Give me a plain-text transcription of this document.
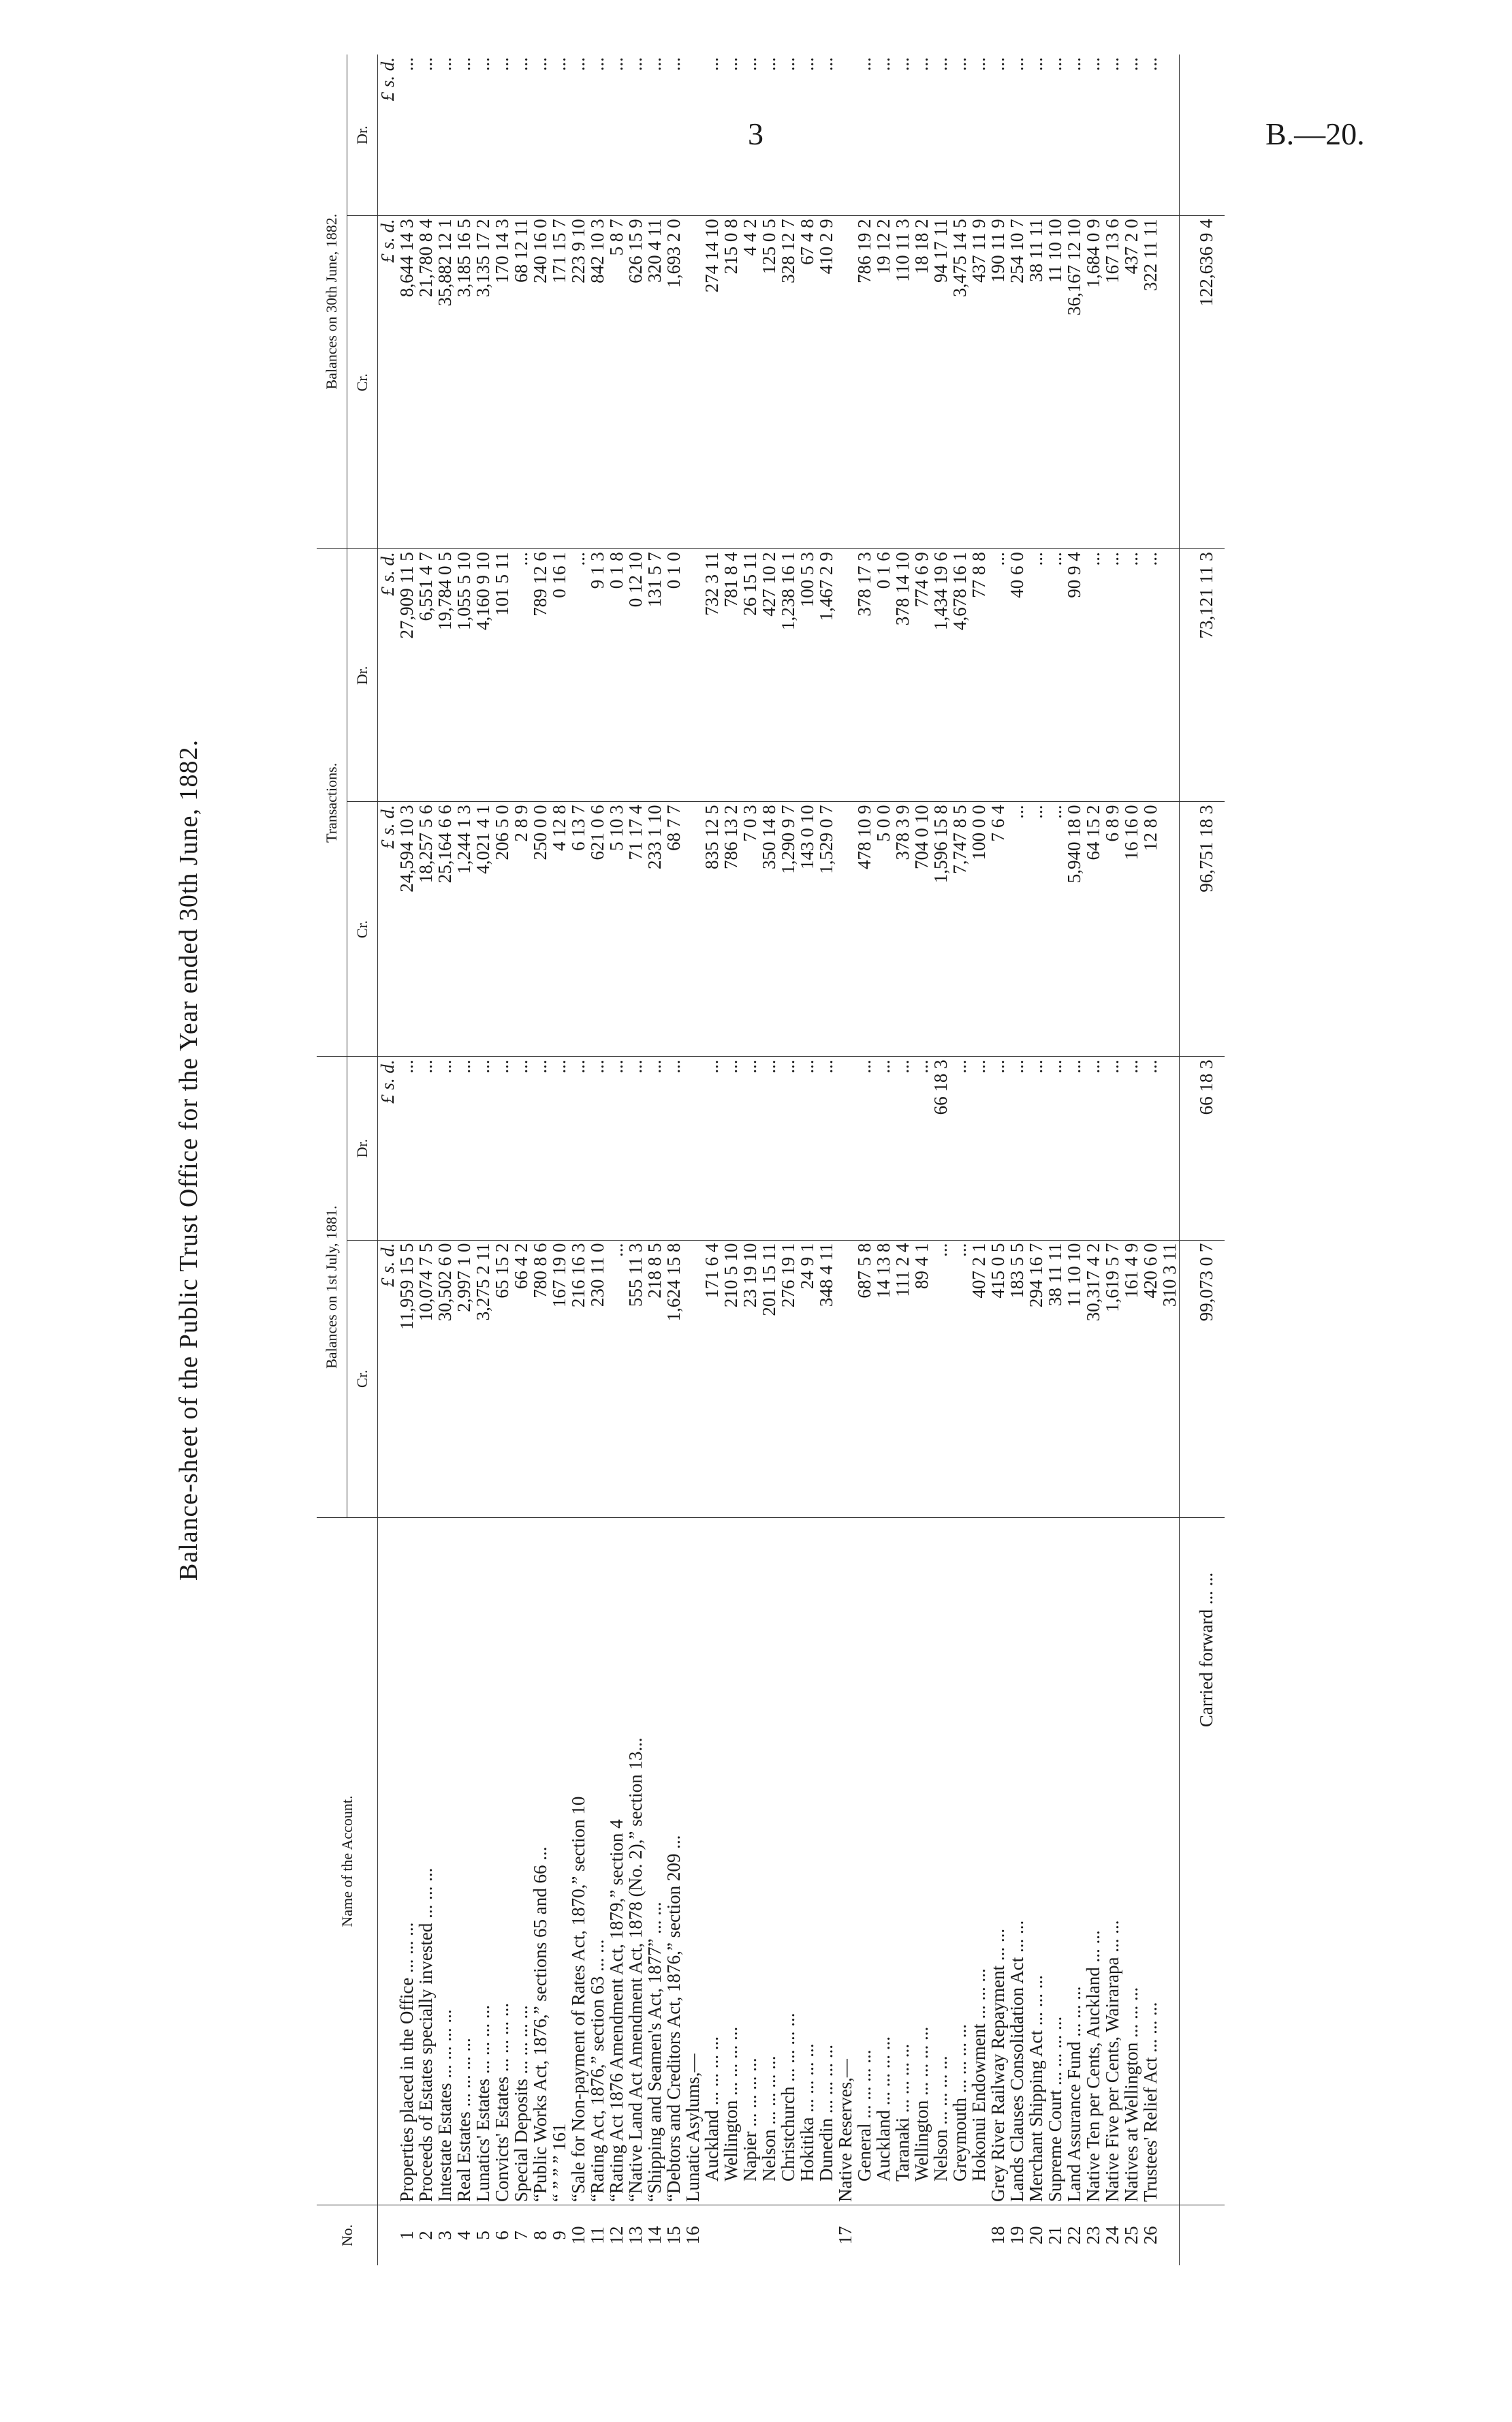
3	B.—20.
Balance-sheet of the Public Trust Office for the Year ended 30th June, 1882.
No.	Name of the Account.	Balances on 1st July, 1881.		Transactions.		Balances on 30th June, 1882.	
		Cr.	Dr.	Cr.	Dr.	Cr.	Dr.
		£ s. d.	£ s. d.	£ s. d.	£ s. d.	£ s. d.	£ s. d.
1	Properties placed in the Office ... ... ...	11,959 15 5	...	24,594 10 3	27,909 11 5	8,644 14 3	...
2	Proceeds of Estates specially invested ... ... ...	10,074 7 5	...	18,257 5 6	6,551 4 7	21,780 8 4	...
3	Intestate Estates ... ... ... ...	30,502 6 0	...	25,164 6 6	19,784 0 5	35,882 12 1	...
4	Real Estates ... ... ... ...	2,997 1 0	...	1,244 1 3	1,055 5 10	3,185 16 5	...
5	Lunatics' Estates ... ... ... ...	3,275 2 11	...	4,021 4 1	4,160 9 10	3,135 17 2	...
6	Convicts' Estates ... ... ... ...	65 15 2	...	206 5 0	101 5 11	170 14 3	...
7	Special Deposits ... ... ... ...	66 4 2	...	2 8 9	...	68 12 11	...
8	“Public Works Act, 1876,” sections 65 and 66 ...	780 8 6	...	250 0 0	789 12 6	240 16 0	...
9	“ ” ” ” 161	167 19 0	...	4 12 8	0 16 1	171 15 7	...
10	“Sale for Non-payment of Rates Act, 1870,” section 10	216 16 3	...	6 13 7	...	223 9 10	...
11	“Rating Act, 1876,” section 63 ... ...	230 11 0	...	621 0 6	9 1 3	842 10 3	...
12	“Rating Act 1876 Amendment Act, 1879,” section 4	...	...	5 10 3	0 1 8	5 8 7	...
13	“Native Land Act Amendment Act, 1878 (No. 2),” section 13...	555 11 3	...	71 17 4	0 12 10	626 15 9	...
14	“Shipping and Seamen's Act, 1877” ... ...	218 8 5	...	233 1 10	131 5 7	320 4 11	...
15	“Debtors and Creditors Act, 1876,” section 209 ...	1,624 15 8	...	68 7 7	0 1 0	1,693 2 0	...
16	Lunatic Asylums,—						
	Auckland ... ... ... ...	171 6 4	...	835 12 5	732 3 11	274 14 10	...
	Wellington ... ... ... ...	210 5 10	...	786 13 2	781 8 4	215 0 8	...
	Napier ... ... ... ...	23 19 10	...	7 0 3	26 15 11	4 4 2	...
	Nelson ... ... ... ...	201 15 11	...	350 14 8	427 10 2	125 0 5	...
	Christchurch ... ... ... ...	276 19 1	...	1,290 9 7	1,238 16 1	328 12 7	...
	Hokitika ... ... ... ...	24 9 1	...	143 0 10	100 5 3	67 4 8	...
	Dunedin ... ... ... ...	348 4 11	...	1,529 0 7	1,467 2 9	410 2 9	...
17	Native Reserves,—						
	General ... ... ... ...	687 5 8	...	478 10 9	378 17 3	786 19 2	...
	Auckland ... ... ... ...	14 13 8	...	5 0 0	0 1 6	19 12 2	...
	Taranaki ... ... ... ...	111 2 4	...	378 3 9	378 14 10	110 11 3	...
	Wellington ... ... ... ...	89 4 1	...	704 0 10	774 6 9	18 18 2	...
	Nelson ... ... ... ...	...	66 18 3	1,596 15 8	1,434 19 6	94 17 11	...
	Greymouth ... ... ... ...	...	...	7,747 8 5	4,678 16 1	3,475 14 5	...
	Hokonui Endowment ... ... ...	407 2 1	...	100 0 0	77 8 8	437 11 9	...
18	Grey River Railway Repayment ... ...	415 0 5	...	7 6 4	...	190 11 9	...
19	Lands Clauses Consolidation Act ... ...	183 5 5	...	...	40 6 0	254 10 7	...
20	Merchant Shipping Act ... ... ...	294 16 7	...	...	...	38 11 11	...
21	Supreme Court ... ... ... ...	38 11 11	...	...	...	11 10 10	...
22	Land Assurance Fund ... ... ...	11 10 10	...	5,940 18 0	90 9 4	36,167 12 10	...
23	Native Ten per Cents, Auckland ... ...	30,317 4 2	...	64 15 2	...	1,684 0 9	...
24	Native Five per Cents, Wairarapa ... ...	1,619 5 7	...	6 8 9	...	167 13 6	...
25	Natives at Wellington ... ... ...	161 4 9	...	16 16 0	...	437 2 0	...
26	Trustees' Relief Act ... ... ...	420 6 0	...	12 8 0	...	322 11 11	...
		310 3 11					
	Carried forward ... ...	99,073 0 7	66 18 3	96,751 18 3	73,121 11 3	122,636 9 4	
